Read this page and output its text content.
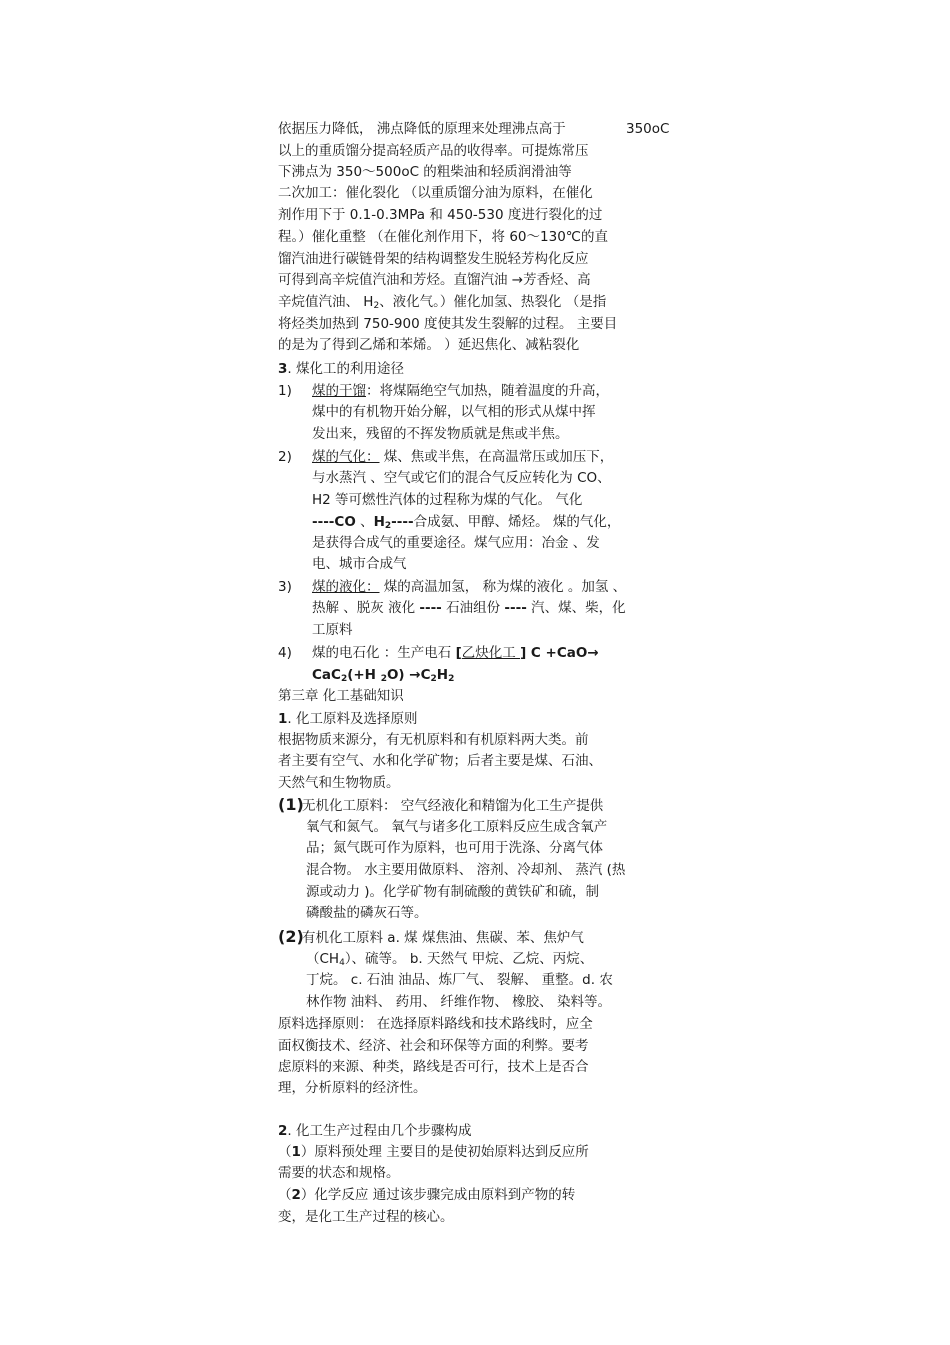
依据压力降低， 沸点降低的原理来处理沸点高于	350oC
以上的重质馏分提高轻质产品的收得率。可提炼常压
下沸点为 350～500oC 的粗柴油和轻质润滑油等
二次加工：催化裂化 （以重质馏分油为原料，在催化
剂作用下于 0.1-0.3MPa 和 450-530 度进行裂化的过
程。）催化重整 （在催化剂作用下，将 60～130℃的直
馏汽油进行碳链骨架的结构调整发生脱轻芳构化反应
可得到高辛烷值汽油和芳烃。直馏汽油 →芳香烃、高
辛烷值汽油、 $H_2$、液化气。）催化加氢、热裂化 （是指
将烃类加热到 750-900 度使其发生裂解的过程。 主要目
的是为了得到乙烯和苯烯。 ）延迟焦化、减粘裂化
3. 煤化工的利用途径
1) 煤的干馏：将煤隔绝空气加热，随着温度的升高，
煤中的有机物开始分解，以气相的形式从煤中挥
发出来，残留的不挥发物质就是焦或半焦。
2) 煤的气化： 煤、焦或半焦，在高温常压或加压下，
与水蒸汽 、空气或它们的混合气反应转化为 CO、
H2 等可燃性汽体的过程称为煤的气化。 气化
----CO 、$H_2----$合成氨、甲醇、烯烃。 煤的气化，
是获得合成气的重要途径。煤气应用：冶金 、发
电、城市合成气
3) 煤的液化： 煤的高温加氢， 称为煤的液化 。加氢 、
热解 、脱灰 液化 ---- 石油组份 ---- 汽、煤、柴，化
工原料
4) 煤的电石化 ：生产电石 [乙炔化工 ] C +CaO→
CaC$_2$(+H $_2O) \to C_2H_2$
第三章 化工基础知识
1. 化工原料及选择原则
根据物质来源分，有无机原料和有机原料两大类。前
者主要有空气、水和化学矿物；后者主要是煤、石油、
天然气和生物物质。
(1)
无机化工原料： 空气经液化和精馏为化工生产提供
氧气和氮气。 氧气与诸多化工原料反应生成含氧产
品；氮气既可作为原料，也可用于洗涤、分离气体
混合物。 水主要用做原料、 溶剂、冷却剂、 蒸汽 (热
源或动力 )。化学矿物有制硫酸的黄铁矿和硫，制
磷酸盐的磷灰石等。
(2)
有机化工原料 a. 煤 煤焦油、焦碳、苯、焦炉气
$(CH_4)$、硫等。 b. 天然气 甲烷、乙烷、丙烷、
丁烷。 c. 石油 油品、炼厂气、 裂解、 重整。d. 农
林作物 油料、 药用、 纤维作物、 橡胶、 染料等。
原料选择原则： 在选择原料路线和技术路线时，应全
面权衡技术、经济、社会和环保等方面的利弊。要考
虑原料的来源、种类，路线是否可行，技术上是否合
理，分析原料的经济性。
2. 化工生产过程由几个步骤构成
（1）原料预处理 主要目的是使初始原料达到反应所
需要的状态和规格。
（2）化学反应 通过该步骤完成由原料到产物的转
变，是化工生产过程的核心。
